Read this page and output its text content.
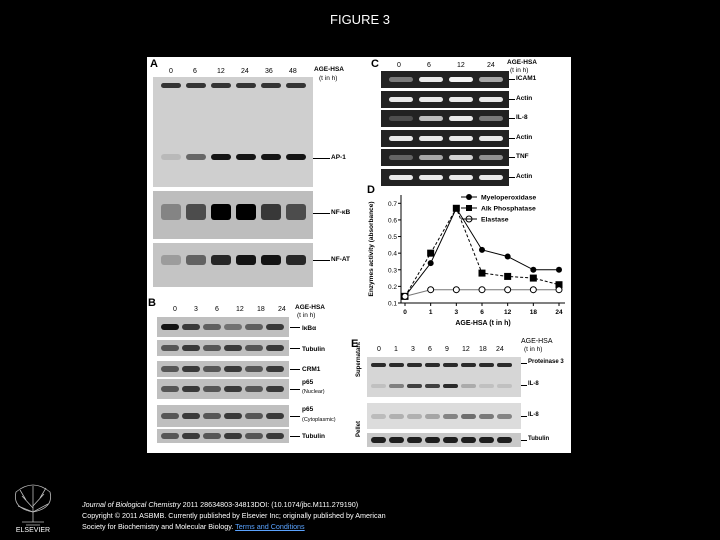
FIGURE 3
A
0	6	12 24 36 48	AGE-HSA
(t in h)
AP-1
NF-κB
NF-AT
B
0 3 6 12 18 24 AGE-HSA
(t in h)
IκBα
Tubulin
CRM1
p65
(Nuclear)
p65
(Cytoplasmic)
Tubulin
C	0	6	12	24 AGE-HSA
(t in h)
ICAM1
Actin
IL-8
Actin
TNF
Actin
D
0.1
0.2
0.3
0.4
0.5
0.6
0.7
0	1	3	6	12	18	24
AGE-HSA (t in h)
Enzymes activity (absorbance)
Myeloperoxidase
Alk Phosphatase
Elastase
E	0 1 3 6 9 12 18 24
AGE-HSA
(t in h)
Supernatant
Pellet
Proteinase 3
IL-8
IL-8
Tubulin
ELSEVIER
Journal of Biological Chemistry 2011 28634803-34813DOI: (10.1074/jbc.M111.279190)
Copyright © 2011 ASBMB. Currently published by Elsevier Inc; originally published by American
Society for Biochemistry and Molecular Biology. Terms and Conditions
